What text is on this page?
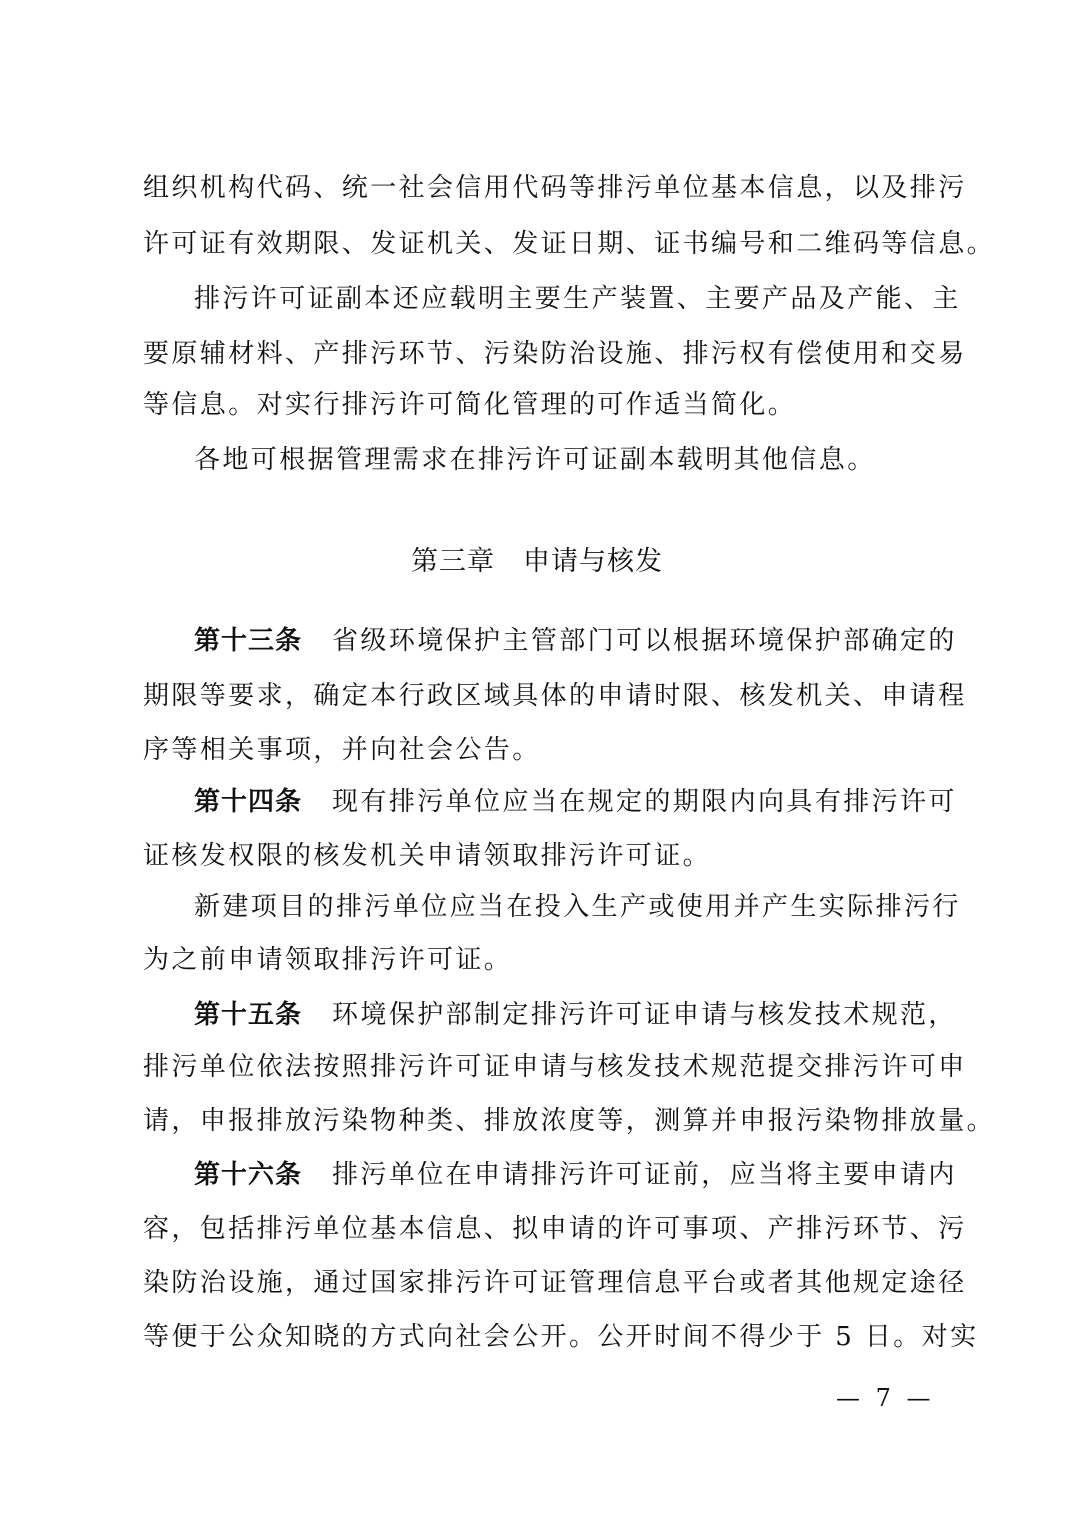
组织机构代码、统一社会信用代码等排污单位基本信息，以及排污
许可证有效期限、发证机关、发证日期、证书编号和二维码等信息。
排污许可证副本还应载明主要生产装置、主要产品及产能、主
要原辅材料、产排污环节、污染防治设施、排污权有偿使用和交易
等信息。对实行排污许可简化管理的可作适当简化。
各地可根据管理需求在排污许可证副本载明其他信息。
第三章　申请与核发
第十三条 省级环境保护主管部门可以根据环境保护部确定的
期限等要求，确定本行政区域具体的申请时限、核发机关、申请程
序等相关事项，并向社会公告。
第十四条 现有排污单位应当在规定的期限内向具有排污许可
证核发权限的核发机关申请领取排污许可证。
新建项目的排污单位应当在投入生产或使用并产生实际排污行
为之前申请领取排污许可证。
第十五条 环境保护部制定排污许可证申请与核发技术规范，
排污单位依法按照排污许可证申请与核发技术规范提交排污许可申
请，申报排放污染物种类、排放浓度等，测算并申报污染物排放量。
第十六条 排污单位在申请排污许可证前，应当将主要申请内
容，包括排污单位基本信息、拟申请的许可事项、产排污环节、污
染防治设施，通过国家排污许可证管理信息平台或者其他规定途径
等便于公众知晓的方式向社会公开。公开时间不得少于 5 日。对实
— 7 —
